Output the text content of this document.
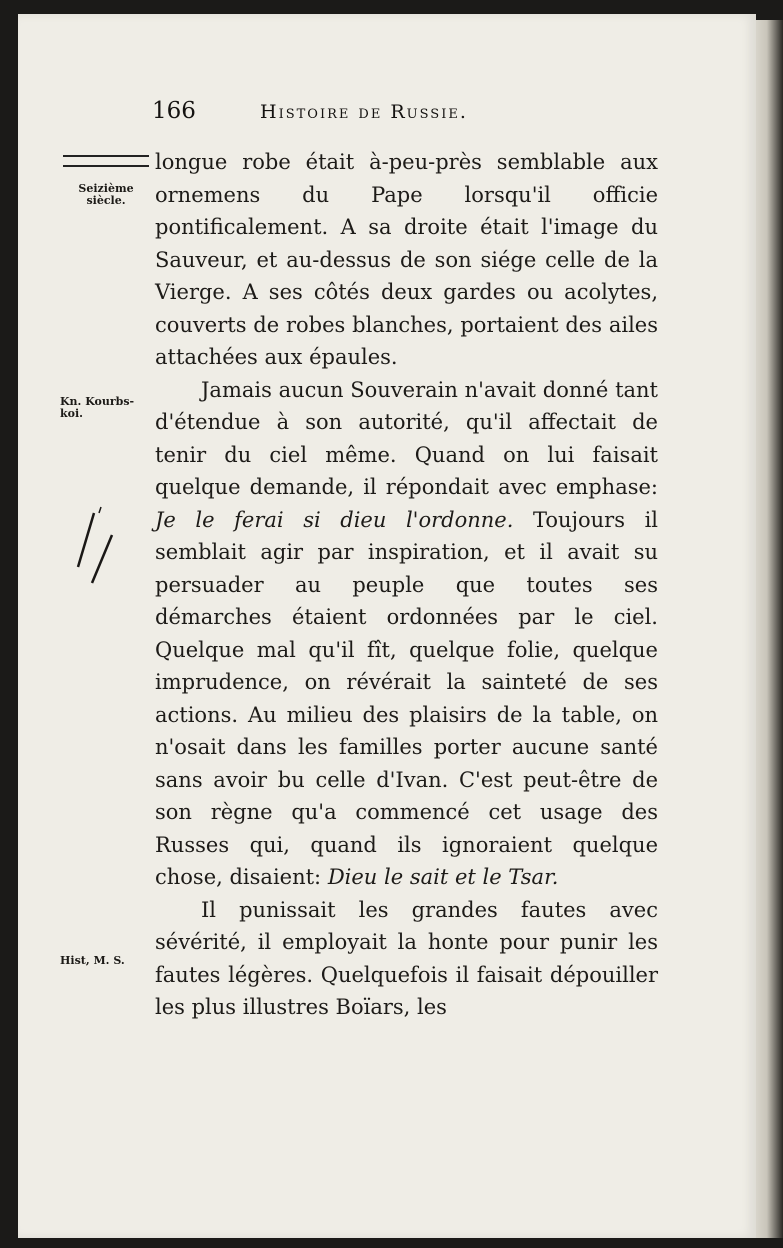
166	Histoire de Russie.
Seizième siècle.
Kn. Kourbs-koi.
Hist, M. S.

longue robe était à-peu-près semblable aux ornemens du Pape lorsqu'il officie pontificalement. A sa droite était l'image du Sauveur, et au-dessus de son siége celle de la Vierge. A ses côtés deux gardes ou acolytes, couverts de robes blanches, portaient des ailes attachées aux épaules.

Jamais aucun Souverain n'avait donné tant d'étendue à son autorité, qu'il affectait de tenir du ciel même. Quand on lui faisait quelque demande, il répondait avec emphase: Je le ferai si dieu l'ordonne. Toujours il semblait agir par inspiration, et il avait su persuader au peuple que toutes ses démarches étaient ordonnées par le ciel. Quelque mal qu'il fît, quelque folie, quelque imprudence, on révérait la sainteté de ses actions. Au milieu des plaisirs de la table, on n'osait dans les familles porter aucune santé sans avoir bu celle d'Ivan. C'est peut-être de son règne qu'a commencé cet usage des Russes qui, quand ils ignoraient quelque chose, disaient: Dieu le sait et le Tsar.

Il punissait les grandes fautes avec sévérité, il employait la honte pour punir les fautes légères. Quelquefois il faisait dépouiller les plus illustres Boïars, les
